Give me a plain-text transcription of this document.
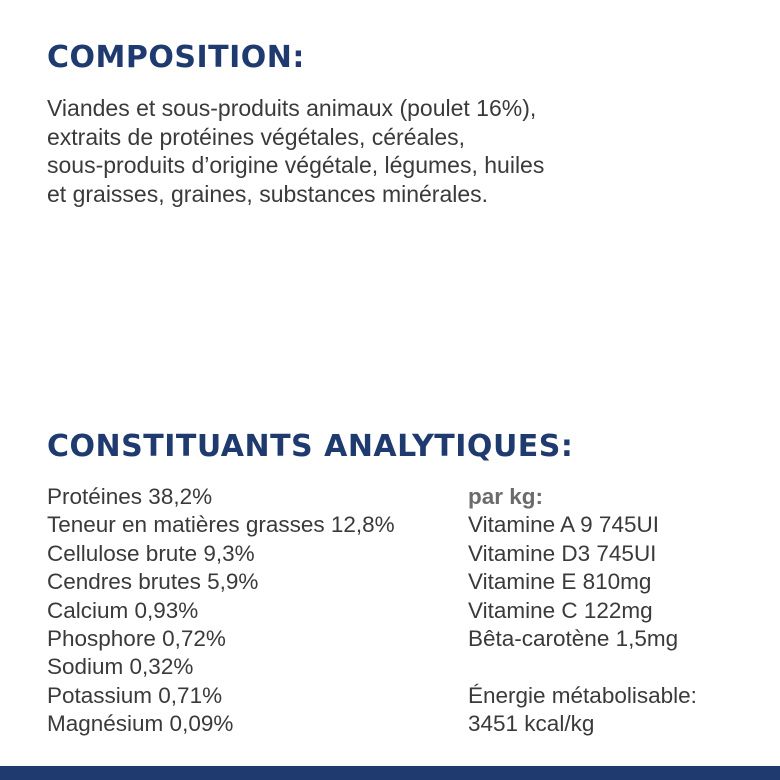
COMPOSITION:

Viandes et sous-produits animaux (poulet 16%),
extraits de protéines végétales, céréales,
sous-produits d’origine végétale, légumes, huiles
et graisses, graines, substances minérales.

CONSTITUANTS ANALYTIQUES:
Protéines 38,2%
Teneur en matières grasses 12,8%
Cellulose brute 9,3%
Cendres brutes 5,9%
Calcium 0,93%
Phosphore 0,72%
Sodium 0,32%
Potassium 0,71%
Magnésium 0,09%
par kg:
Vitamine A 9 745UI
Vitamine D3 745UI
Vitamine E 810mg
Vitamine C 122mg
Bêta-carotène 1,5mg
Énergie métabolisable:
3451 kcal/kg
